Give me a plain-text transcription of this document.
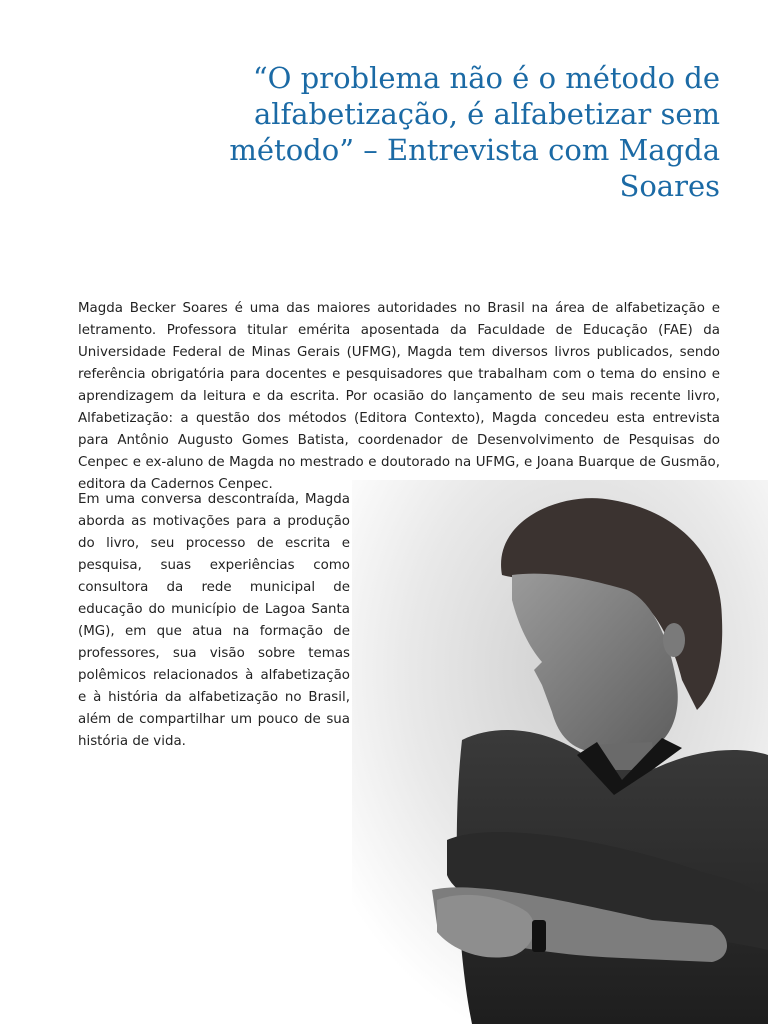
“O problema não é o método de alfabetização, é alfabetizar sem método” – Entrevista com Magda Soares

Magda Becker Soares é uma das maiores autoridades no Brasil na área de alfabetização e letramento. Professora titular emérita aposentada da Faculdade de Educação (FAE) da Universidade Federal de Minas Gerais (UFMG), Magda tem diversos livros publicados, sendo referência obrigatória para docentes e pesquisadores que trabalham com o tema do ensino e aprendizagem da leitura e da escrita. Por ocasião do lançamento de seu mais recente livro, Alfabetização: a questão dos métodos (Editora Contexto), Magda concedeu esta entrevista para Antônio Augusto Gomes Batista, coordenador de Desenvolvimento de Pesquisas do Cenpec e ex-aluno de Magda no mestrado e doutorado na UFMG, e Joana Buarque de Gusmão, editora da Cadernos Cenpec.

Em uma conversa descontraída, Magda aborda as motivações para a produção do livro, seu processo de escrita e pesquisa, suas experiências como consultora da rede municipal de educação do município de Lagoa Santa (MG), em que atua na formação de professores, sua visão sobre temas polêmicos relacionados à alfabetização e à história da alfabetização no Brasil, além de compartilhar um pouco de sua história de vida.
